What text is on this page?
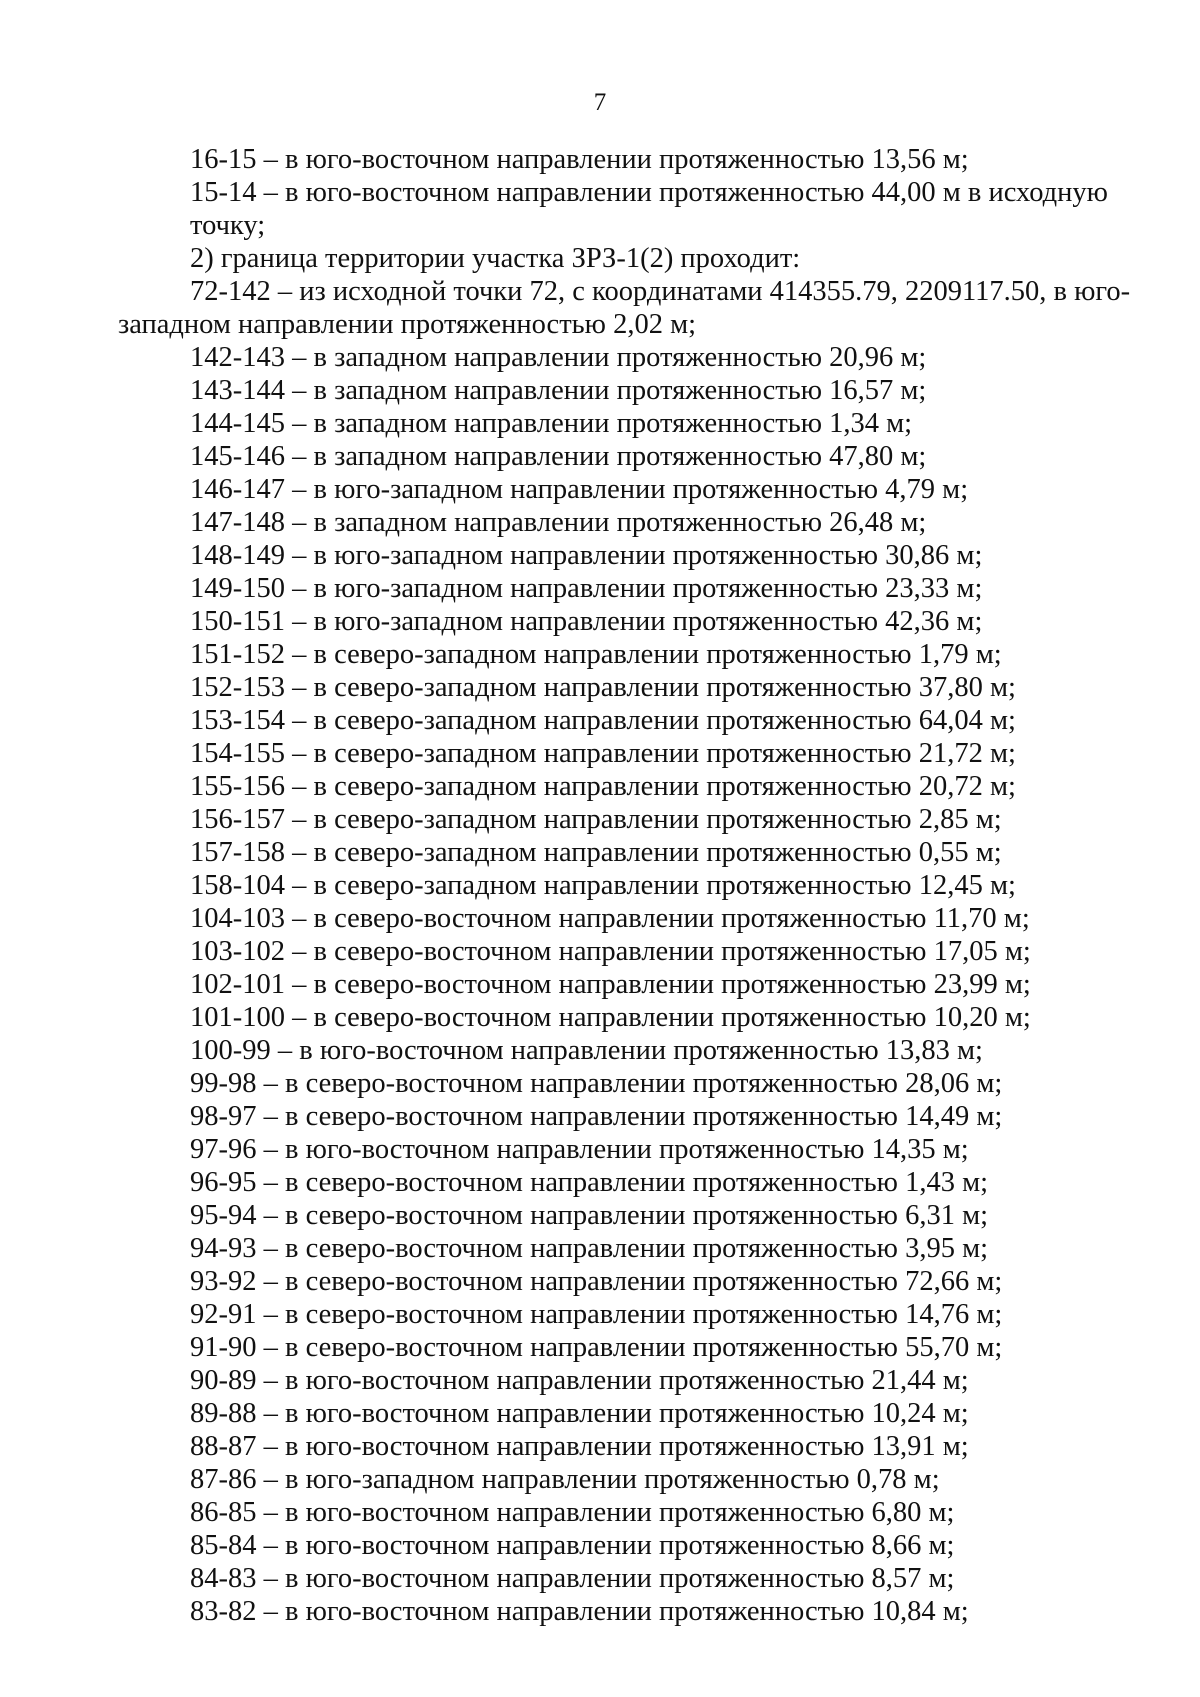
7
16-15 – в юго-восточном направлении протяженностью 13,56 м;
15-14 – в юго-восточном направлении протяженностью 44,00 м в исходную
точку;
2) граница территории участка ЗРЗ-1(2) проходит:
72-142 – из исходной точки 72, с координатами 414355.79, 2209117.50, в юго-
западном направлении протяженностью 2,02 м;
142-143 – в западном направлении протяженностью 20,96 м;
143-144 – в западном направлении протяженностью 16,57 м;
144-145 – в западном направлении протяженностью 1,34 м;
145-146 – в западном направлении протяженностью 47,80 м;
146-147 – в юго-западном направлении протяженностью 4,79 м;
147-148 – в западном направлении протяженностью 26,48 м;
148-149 – в юго-западном направлении протяженностью 30,86 м;
149-150 – в юго-западном направлении протяженностью 23,33 м;
150-151 – в юго-западном направлении протяженностью 42,36 м;
151-152 – в северо-западном направлении протяженностью 1,79 м;
152-153 – в северо-западном направлении протяженностью 37,80 м;
153-154 – в северо-западном направлении протяженностью 64,04 м;
154-155 – в северо-западном направлении протяженностью 21,72 м;
155-156 – в северо-западном направлении протяженностью 20,72 м;
156-157 – в северо-западном направлении протяженностью 2,85 м;
157-158 – в северо-западном направлении протяженностью 0,55 м;
158-104 – в северо-западном направлении протяженностью 12,45 м;
104-103 – в северо-восточном направлении протяженностью 11,70 м;
103-102 – в северо-восточном направлении протяженностью 17,05 м;
102-101 – в северо-восточном направлении протяженностью 23,99 м;
101-100 – в северо-восточном направлении протяженностью 10,20 м;
100-99 – в юго-восточном направлении протяженностью 13,83 м;
99-98 – в северо-восточном направлении протяженностью 28,06 м;
98-97 – в северо-восточном направлении протяженностью 14,49 м;
97-96 – в юго-восточном направлении протяженностью 14,35 м;
96-95 – в северо-восточном направлении протяженностью 1,43 м;
95-94 – в северо-восточном направлении протяженностью 6,31 м;
94-93 – в северо-восточном направлении протяженностью 3,95 м;
93-92 – в северо-восточном направлении протяженностью 72,66 м;
92-91 – в северо-восточном направлении протяженностью 14,76 м;
91-90 – в северо-восточном направлении протяженностью 55,70 м;
90-89 – в юго-восточном направлении протяженностью 21,44 м;
89-88 – в юго-восточном направлении протяженностью 10,24 м;
88-87 – в юго-восточном направлении протяженностью 13,91 м;
87-86 – в юго-западном направлении протяженностью 0,78 м;
86-85 – в юго-восточном направлении протяженностью 6,80 м;
85-84 – в юго-восточном направлении протяженностью 8,66 м;
84-83 – в юго-восточном направлении протяженностью 8,57 м;
83-82 – в юго-восточном направлении протяженностью 10,84 м;
